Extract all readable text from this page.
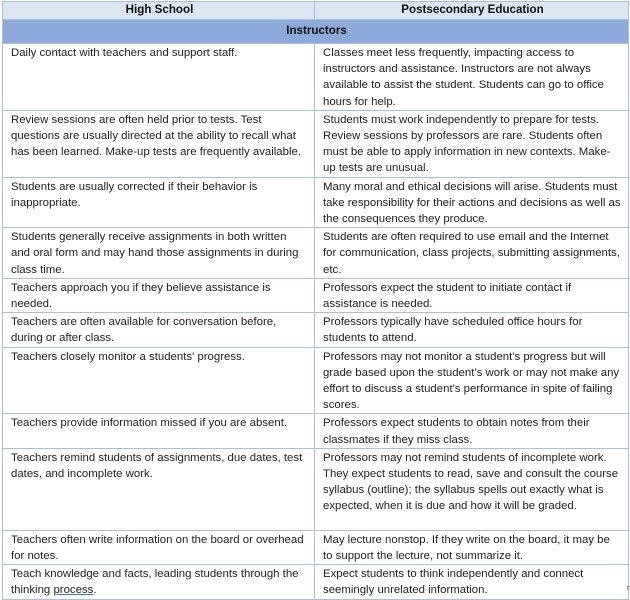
High School	Postsecondary Education
Instructors	
Daily contact with teachers and support staff.	Classes meet less frequently, impacting access to instructors and assistance. Instructors are not always available to assist the student. Students can go to office hours for help.
Review sessions are often held prior to tests. Test questions are usually directed at the ability to recall what has been learned. Make-up tests are frequently available.	Students must work independently to prepare for tests. Review sessions by professors are rare. Students often must be able to apply information in new contexts. Make-up tests are unusual.
Students are usually corrected if their behavior is inappropriate.	Many moral and ethical decisions will arise. Students must take responsibility for their actions and decisions as well as the consequences they produce.
Students generally receive assignments in both written and oral form and may hand those assignments in during class time.	Students are often required to use email and the Internet for communication, class projects, submitting assignments, etc.
Teachers approach you if they believe assistance is needed.	Professors expect the student to initiate contact if assistance is needed.
Teachers are often available for conversation before, during or after class.	Professors typically have scheduled office hours for students to attend.
Teachers closely monitor a students' progress.	Professors may not monitor a student's progress but will grade based upon the student’s work or may not make any effort to discuss a student's performance in spite of failing scores.
Teachers provide information missed if you are absent.	Professors expect students to obtain notes from their classmates if they miss class.
Teachers remind students of assignments, due dates, test dates, and incomplete work.	Professors may not remind students of incomplete work. They expect students to read, save and consult the course syllabus (outline); the syllabus spells out exactly what is expected, when it is due and how it will be graded.
Teachers often write information on the board or overhead for notes.	May lecture nonstop. If they write on the board, it may be to support the lecture, not summarize it.
Teach knowledge and facts, leading students through the thinking process.	Expect students to think independently and connect seemingly unrelated information.
